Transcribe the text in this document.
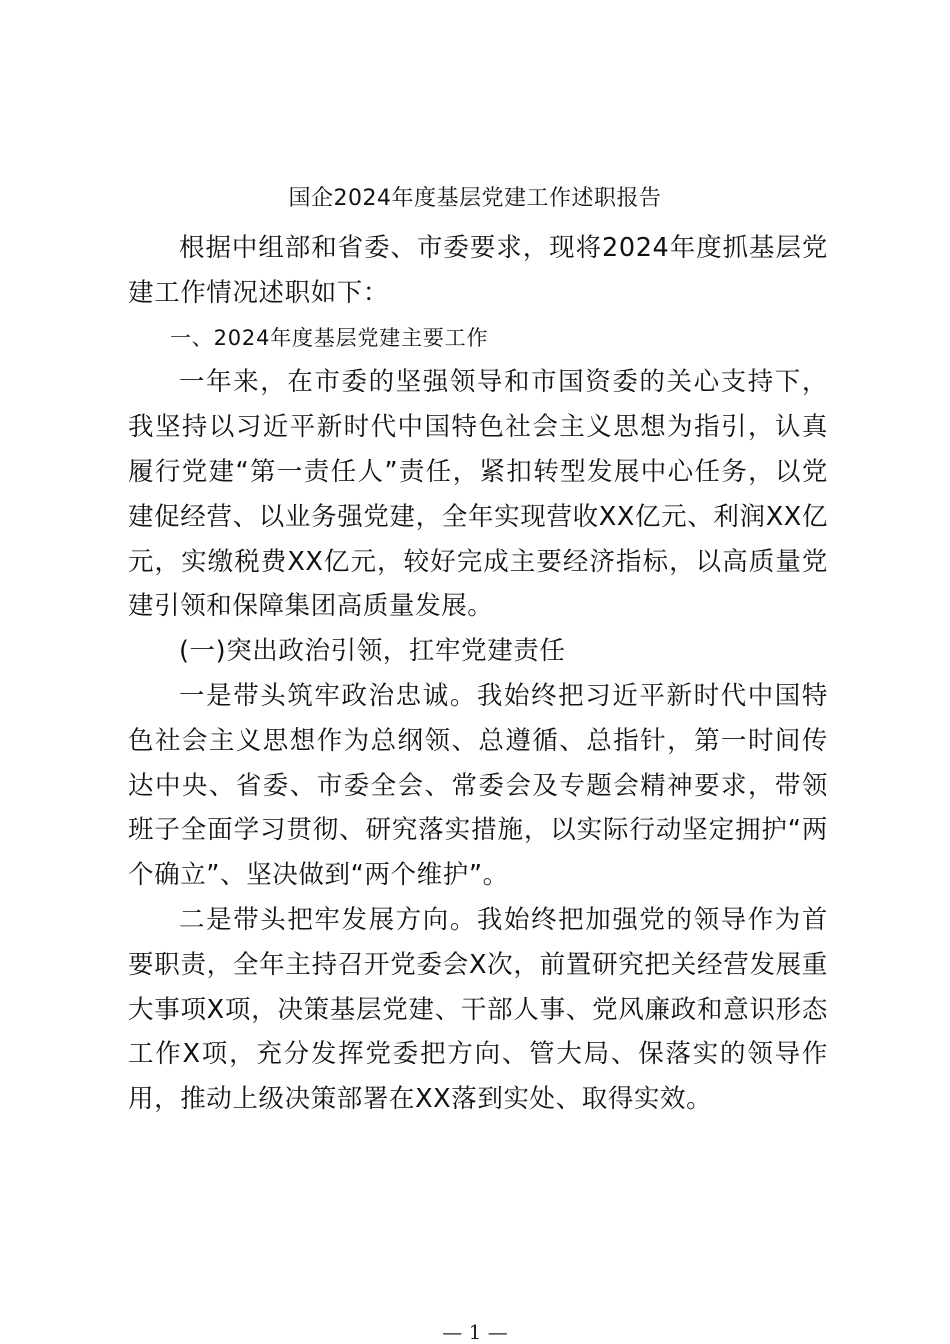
国企2024年度基层党建工作述职报告

根据中组部和省委、市委要求，现将2024年度抓基层党建工作情况述职如下：

一、2024年度基层党建主要工作

一年来，在市委的坚强领导和市国资委的关心支持下，我坚持以习近平新时代中国特色社会主义思想为指引，认真履行党建“第一责任人”责任，紧扣转型发展中心任务，以党建促经营、以业务强党建，全年实现营收XX亿元、利润XX亿元，实缴税费XX亿元，较好完成主要经济指标，以高质量党建引领和保障集团高质量发展。

(一)突出政治引领，扛牢党建责任

一是带头筑牢政治忠诚。我始终把习近平新时代中国特色社会主义思想作为总纲领、总遵循、总指针，第一时间传达中央、省委、市委全会、常委会及专题会精神要求，带领班子全面学习贯彻、研究落实措施，以实际行动坚定拥护“两个确立”、坚决做到“两个维护”。

二是带头把牢发展方向。我始终把加强党的领导作为首要职责，全年主持召开党委会X次，前置研究把关经营发展重大事项X项，决策基层党建、干部人事、党风廉政和意识形态工作X项，充分发挥党委把方向、管大局、保落实的领导作用，推动上级决策部署在XX落到实处、取得实效。

— 1 —
